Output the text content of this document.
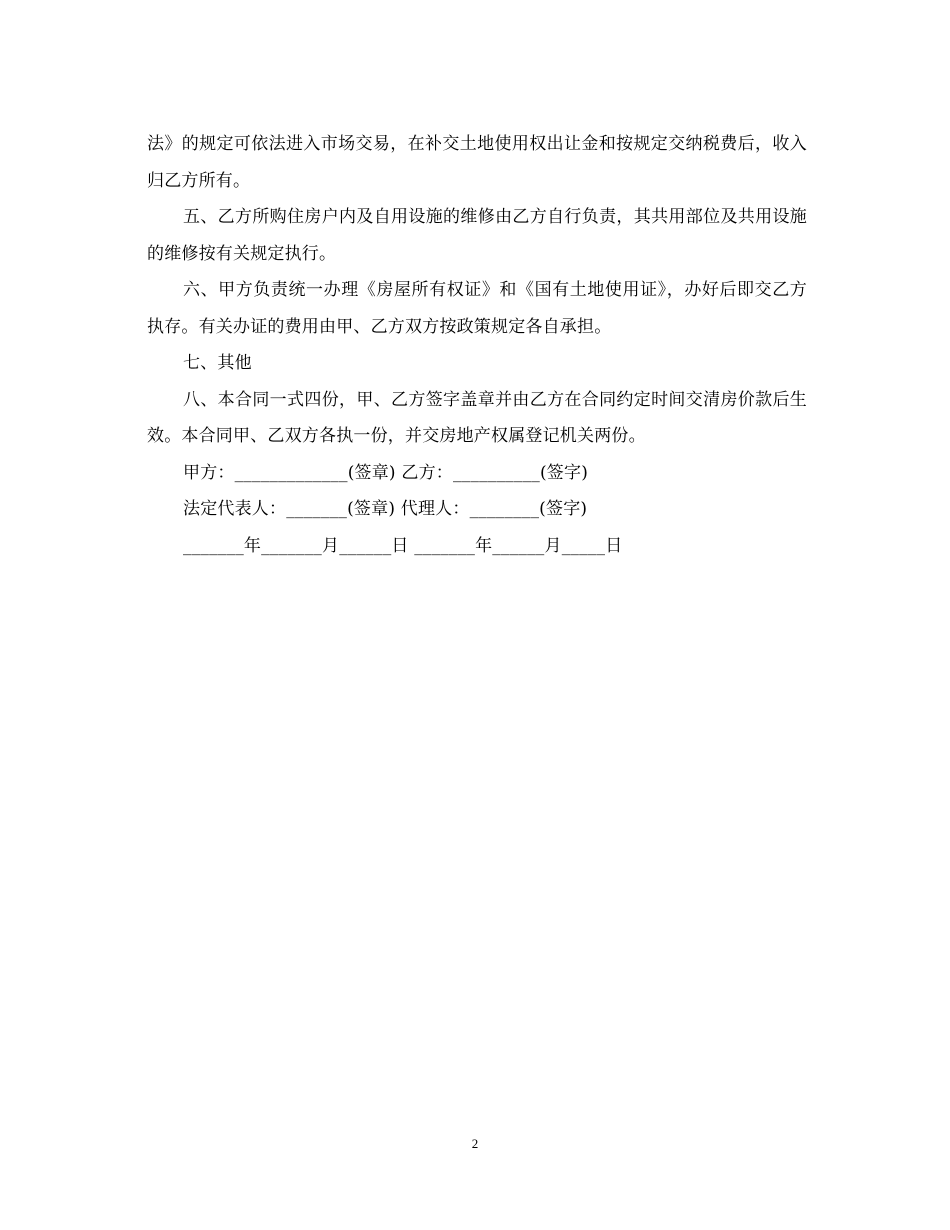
法》的规定可依法进入市场交易，在补交土地使用权出让金和按规定交纳税费后，收入归乙方所有。

五、乙方所购住房户内及自用设施的维修由乙方自行负责，其共用部位及共用设施的维修按有关规定执行。

六、甲方负责统一办理《房屋所有权证》和《国有土地使用证》，办好后即交乙方执存。有关办证的费用由甲、乙方双方按政策规定各自承担。

七、其他

八、本合同一式四份，甲、乙方签字盖章并由乙方在合同约定时间交清房价款后生效。本合同甲、乙双方各执一份，并交房地产权属登记机关两份。

甲方：_____________(签章) 乙方：__________(签字)

法定代表人：_______(签章) 代理人：________(签字)

_______年_______月______日 _______年______月_____日

2
